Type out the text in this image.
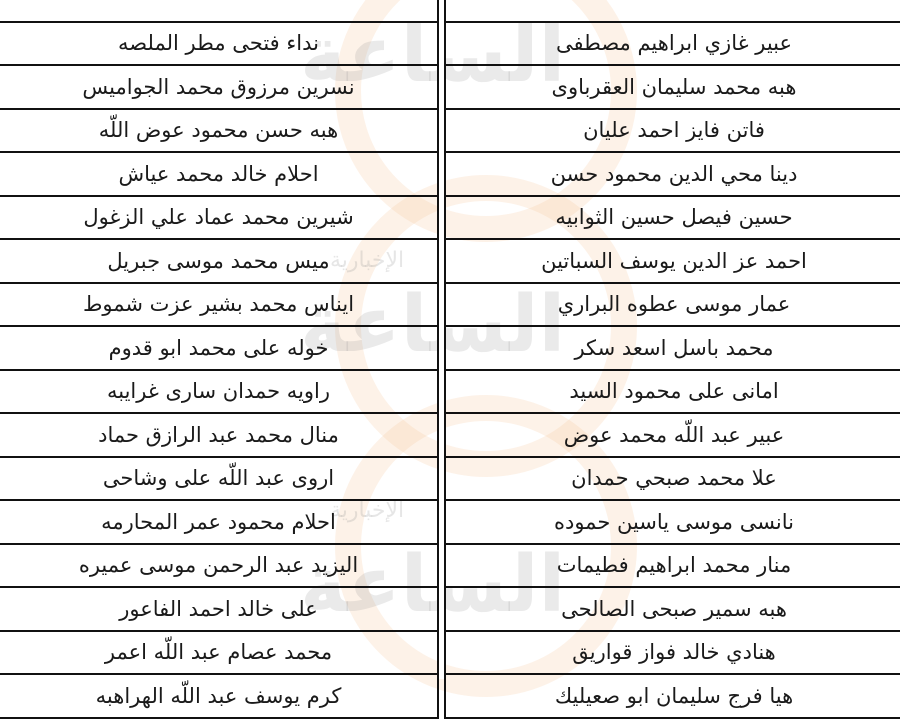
الساعة
الساعة
الساعة
الإخبارية
الإخبارية
نداء فتحى مطر الملصه	عبير غازي ابراهيم مصطفى
نسرين مرزوق محمد الجواميس	هبه محمد سليمان العقرباوى
هبه حسن محمود عوض اللّه	فاتن فايز احمد عليان
احلام خالد محمد عياش	دينا محي الدين محمود حسن
شيرين محمد عماد علي الزغول	حسين فيصل حسين الثوابيه
ميس محمد موسى جبريل	احمد عز الدين يوسف السباتين
ايناس محمد بشير عزت شموط	عمار موسى عطوه البراري
خوله على محمد ابو قدوم	محمد باسل اسعد سكر
راويه حمدان سارى غرايبه	امانى على محمود السيد
منال محمد عبد الرازق حماد	عبير عبد اللّه محمد عوض
اروى عبد اللّه على وشاحى	علا محمد صبحي حمدان
احلام محمود عمر المحارمه	نانسى موسى ياسين حموده
اليزيد عبد الرحمن موسى عميره	منار محمد ابراهيم فطيمات
على خالد احمد الفاعور	هبه سمير صبحى الصالحى
محمد عصام عبد اللّه اعمر	هنادي خالد فواز قواريق
كرم يوسف عبد اللّه الهراهبه	هيا فرج سليمان ابو صعيليك
